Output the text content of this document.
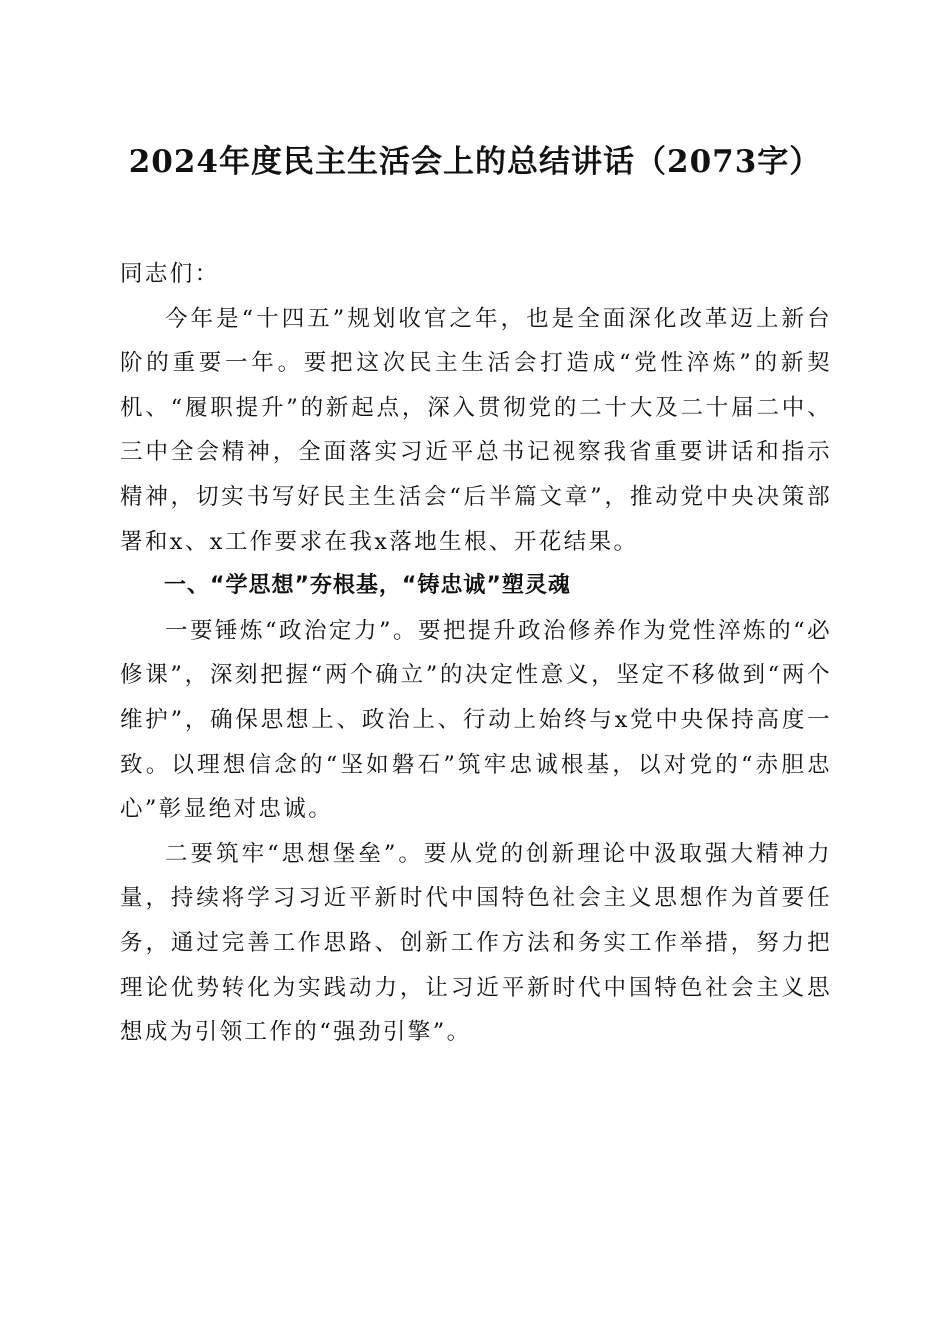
2024年度民主生活会上的总结讲话（2073字）

同志们：

今年是“十四五”规划收官之年，也是全面深化改革迈上新台阶的重要一年。要把这次民主生活会打造成“党性淬炼”的新契机、“履职提升”的新起点，深入贯彻党的二十大及二十届二中、三中全会精神，全面落实习近平总书记视察我省重要讲话和指示精神，切实书写好民主生活会“后半篇文章”，推动党中央决策部署和x、x工作要求在我x落地生根、开花结果。

一、“学思想”夯根基，“铸忠诚”塑灵魂

一要锤炼“政治定力”。要把提升政治修养作为党性淬炼的“必修课”，深刻把握“两个确立”的决定性意义，坚定不移做到“两个维护”，确保思想上、政治上、行动上始终与x党中央保持高度一致。以理想信念的“坚如磐石”筑牢忠诚根基，以对党的“赤胆忠心”彰显绝对忠诚。

二要筑牢“思想堡垒”。要从党的创新理论中汲取强大精神力量，持续将学习习近平新时代中国特色社会主义思想作为首要任务，通过完善工作思路、创新工作方法和务实工作举措，努力把理论优势转化为实践动力，让习近平新时代中国特色社会主义思想成为引领工作的“强劲引擎”。
